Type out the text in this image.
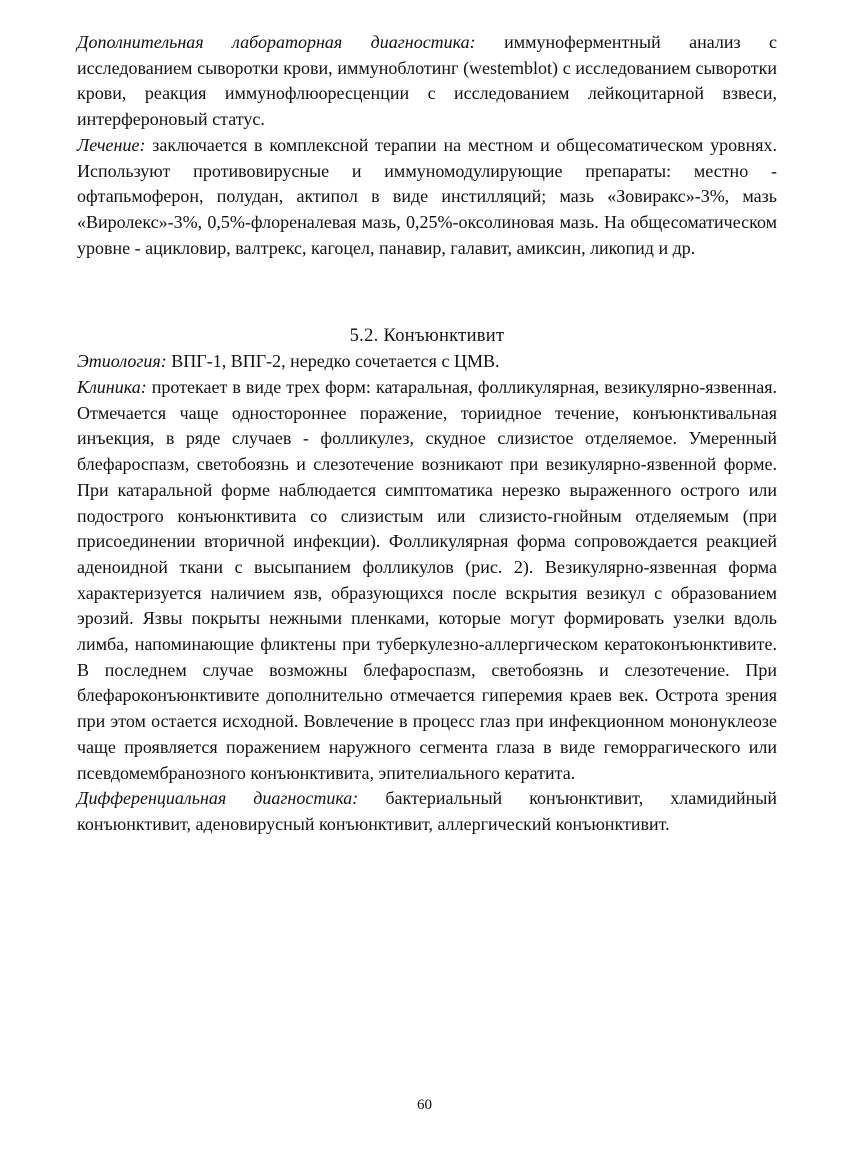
Дополнительная лабораторная диагностика: иммуноферментный анализ с исследованием сыворотки крови, иммуноблотинг (westemblot) с исследованием сыворотки крови, реакция иммунофлюоресценции с исследованием лейкоцитарной взвеси, интерфероновый статус.

Лечение: заключается в комплексной терапии на местном и общесоматическом уровнях. Используют противовирусные и иммуномодулирующие препараты: местно - офтапьмоферон, полудан, актипол в виде инстилляций; мазь «Зовиракс»-3%, мазь «Виролекс»-3%, 0,5%-флореналевая мазь, 0,25%-оксолиновая мазь. На общесоматическом уровне - ацикловир, валтрекс, кагоцел, панавир, галавит, амиксин, ликопид и др.

5.2. Конъюнктивит

Этиология: ВПГ-1, ВПГ-2, нередко сочетается с ЦМВ.

Клиника: протекает в виде трех форм: катаральная, фолликулярная, везикулярно-язвенная. Отмечается чаще одностороннее поражение, ториидное течение, конъюнктивальная инъекция, в ряде случаев - фолликулез, скудное слизистое отделяемое. Умеренный блефароспазм, светобоязнь и слезотечение возникают при везикулярно-язвенной форме. При катаральной форме наблюдается симптоматика нерезко выраженного острого или подострого конъюнктивита со слизистым или слизисто-гнойным отделяемым (при присоединении вторичной инфекции). Фолликулярная форма сопровождается реакцией аденоидной ткани с высыпанием фолликулов (рис. 2). Везикулярно-язвенная форма характеризуется наличием язв, образующихся после вскрытия везикул с образованием эрозий. Язвы покрыты нежными пленками, которые могут формировать узелки вдоль лимба, напоминающие фликтены при туберкулезно-аллергическом кератоконъюнктивите. В последнем случае возможны блефароспазм, светобоязнь и слезотечение. При блефароконъюнктивите дополнительно отмечается гиперемия краев век. Острота зрения при этом остается исходной. Вовлечение в процесс глаз при инфекционном мононуклеозе чаще проявляется поражением наружного сегмента глаза в виде геморрагического или псевдомембранозного конъюнктивита, эпителиального кератита.

Дифференциальная диагностика: бактериальный конъюнктивит, хламидийный конъюнктивит, аденовирусный конъюнктивит, аллергический конъюнктивит.

60
